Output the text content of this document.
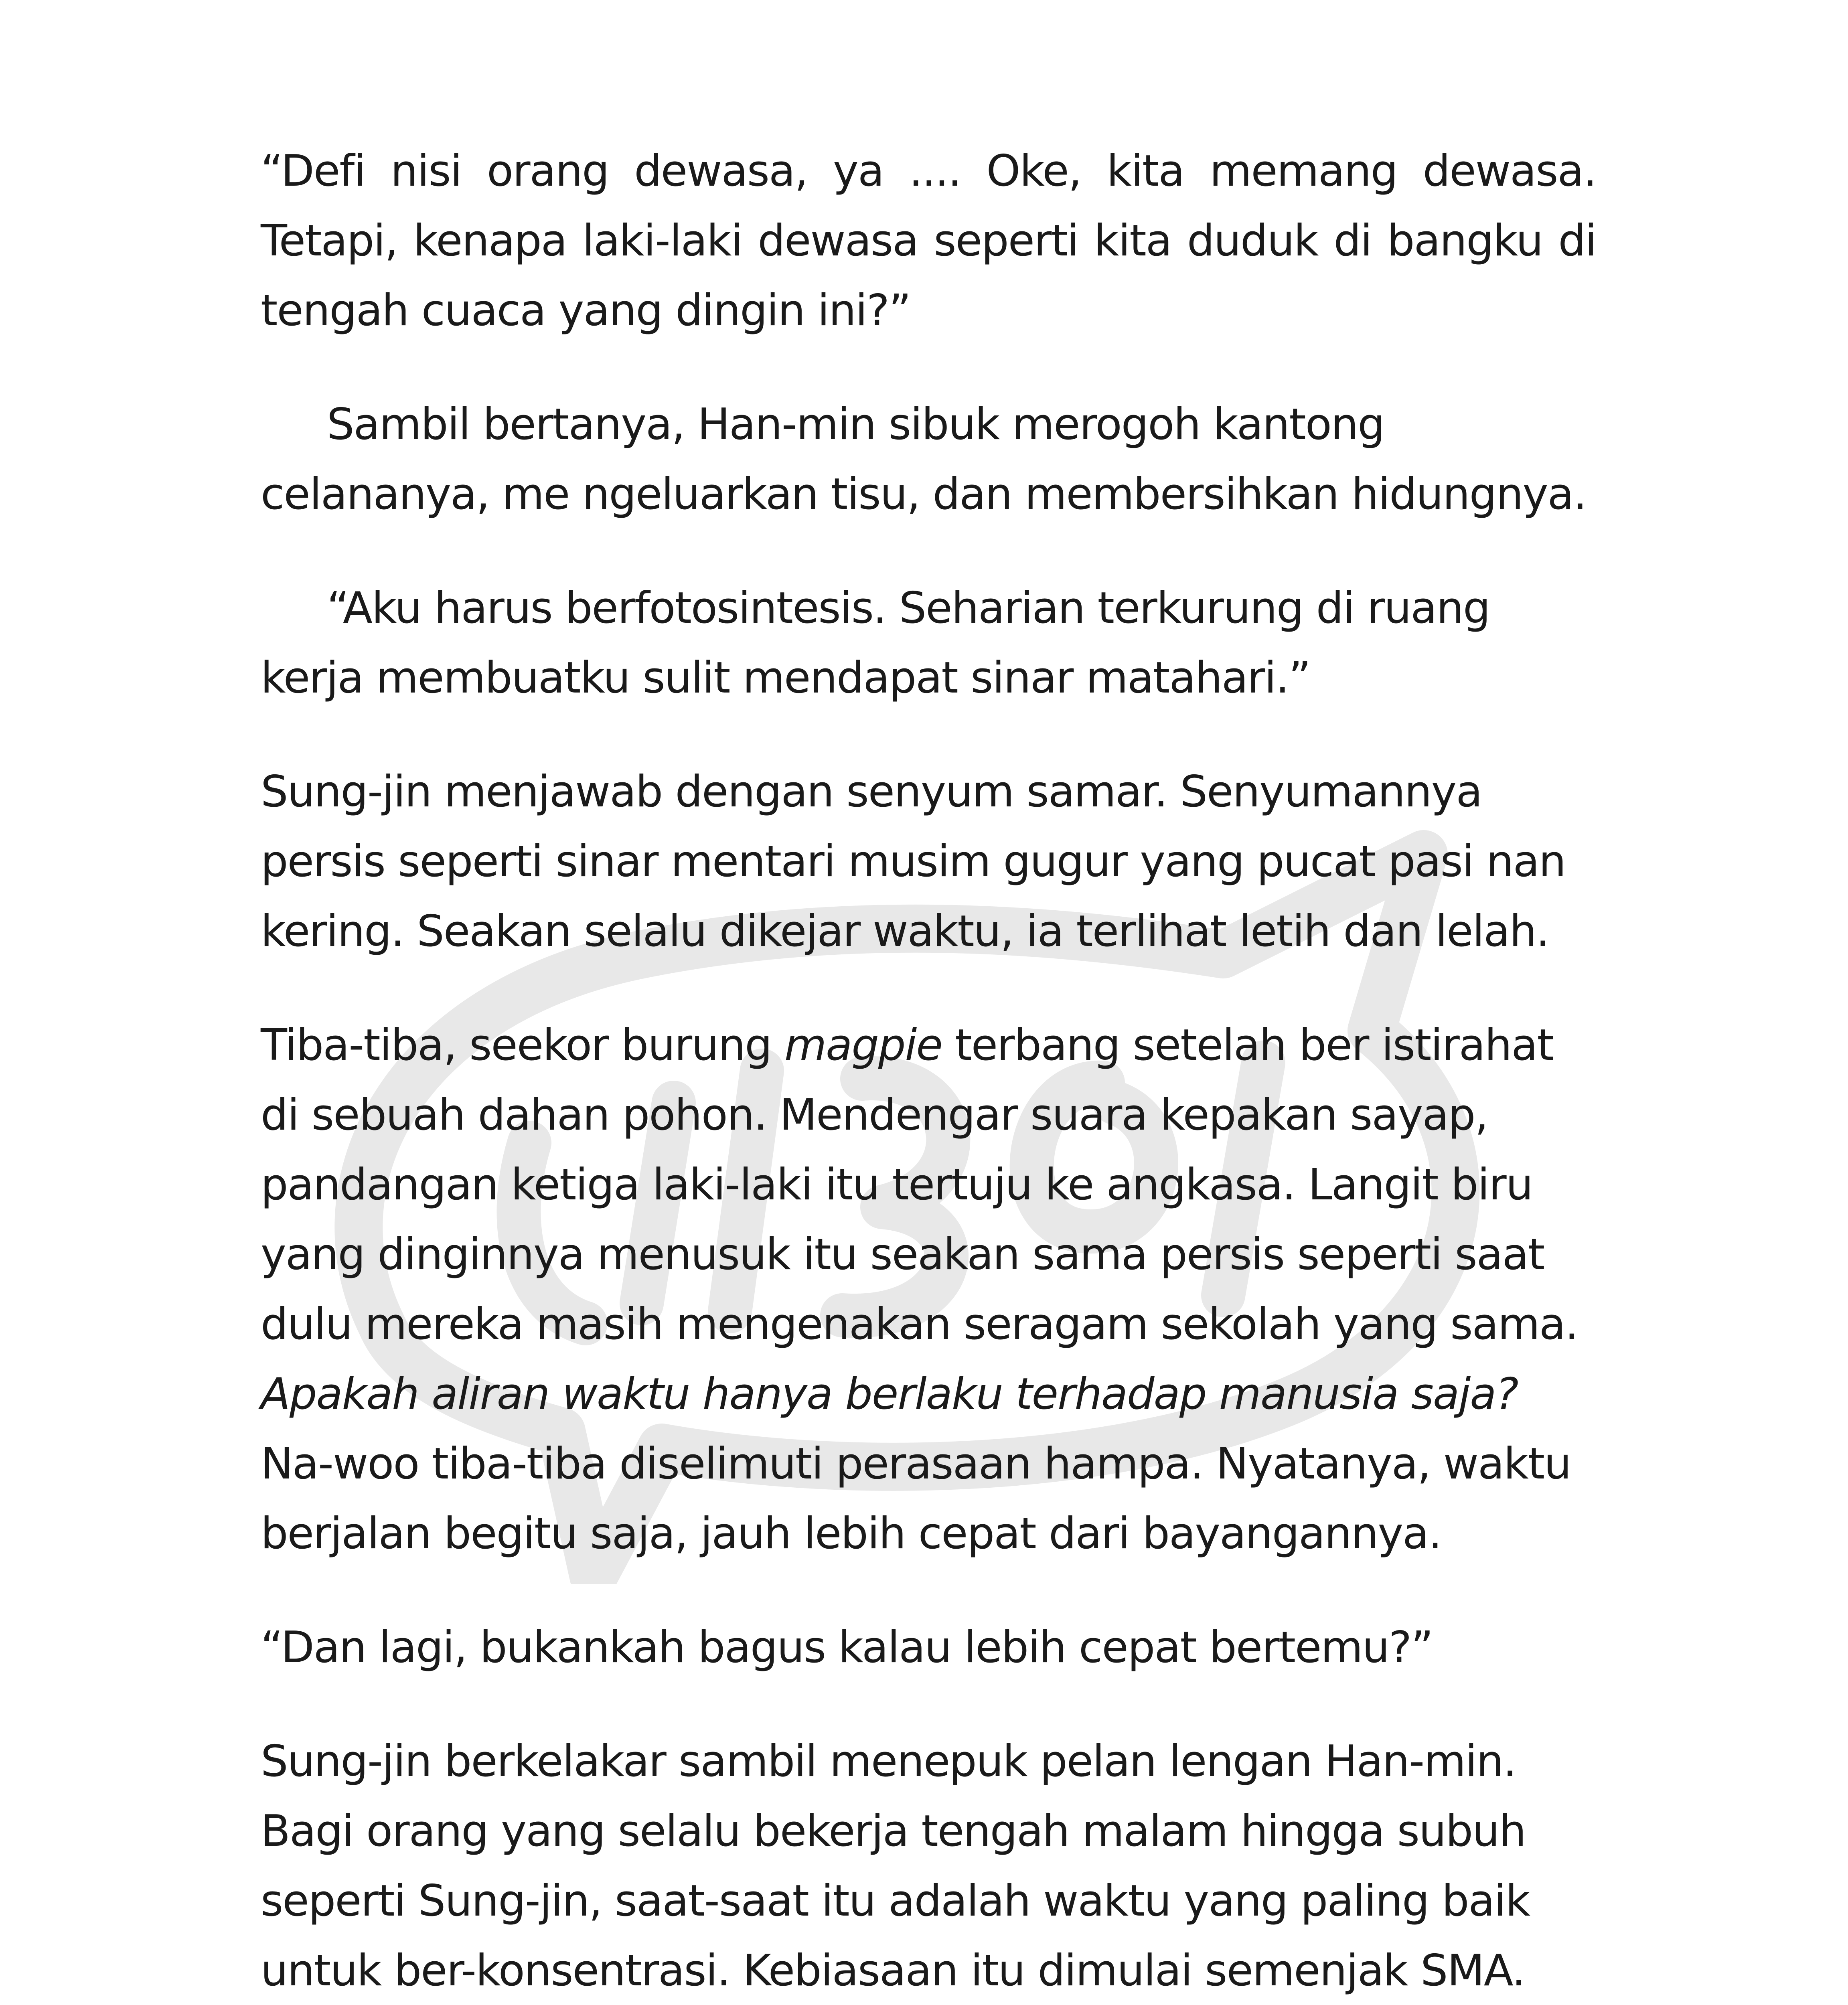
“Defi nisi orang dewasa, ya .... Oke, kita memang dewasa. Tetapi, kenapa laki-laki dewasa seperti kita duduk di bangku di tengah cuaca yang dingin ini?”

Sambil bertanya, Han-min sibuk merogoh kantong celananya, me ngeluarkan tisu, dan membersihkan hidungnya.

“Aku harus berfotosintesis. Seharian terkurung di ruang kerja membuatku sulit mendapat sinar matahari.”

Sung-jin menjawab dengan senyum samar. Senyumannya persis seperti sinar mentari musim gugur yang pucat pasi nan kering. Seakan selalu dikejar waktu, ia terlihat letih dan lelah.

Tiba-tiba, seekor burung magpie terbang setelah ber istirahat di sebuah dahan pohon. Mendengar suara kepakan sayap, pandangan ketiga laki-laki itu tertuju ke angkasa. Langit biru yang dinginnya menusuk itu seakan sama persis seperti saat dulu mereka masih mengenakan seragam sekolah yang sama. Apakah aliran waktu hanya berlaku terhadap manusia saja? Na-woo tiba-tiba diselimuti perasaan hampa. Nyatanya, waktu berjalan begitu saja, jauh lebih cepat dari bayangannya.

“Dan lagi, bukankah bagus kalau lebih cepat bertemu?”

Sung-jin berkelakar sambil menepuk pelan lengan Han-min. Bagi orang yang selalu bekerja tengah malam hingga subuh seperti Sung-jin, saat-saat itu adalah waktu yang paling baik untuk ber-konsentrasi. Kebiasaan itu dimulai semenjak SMA.
